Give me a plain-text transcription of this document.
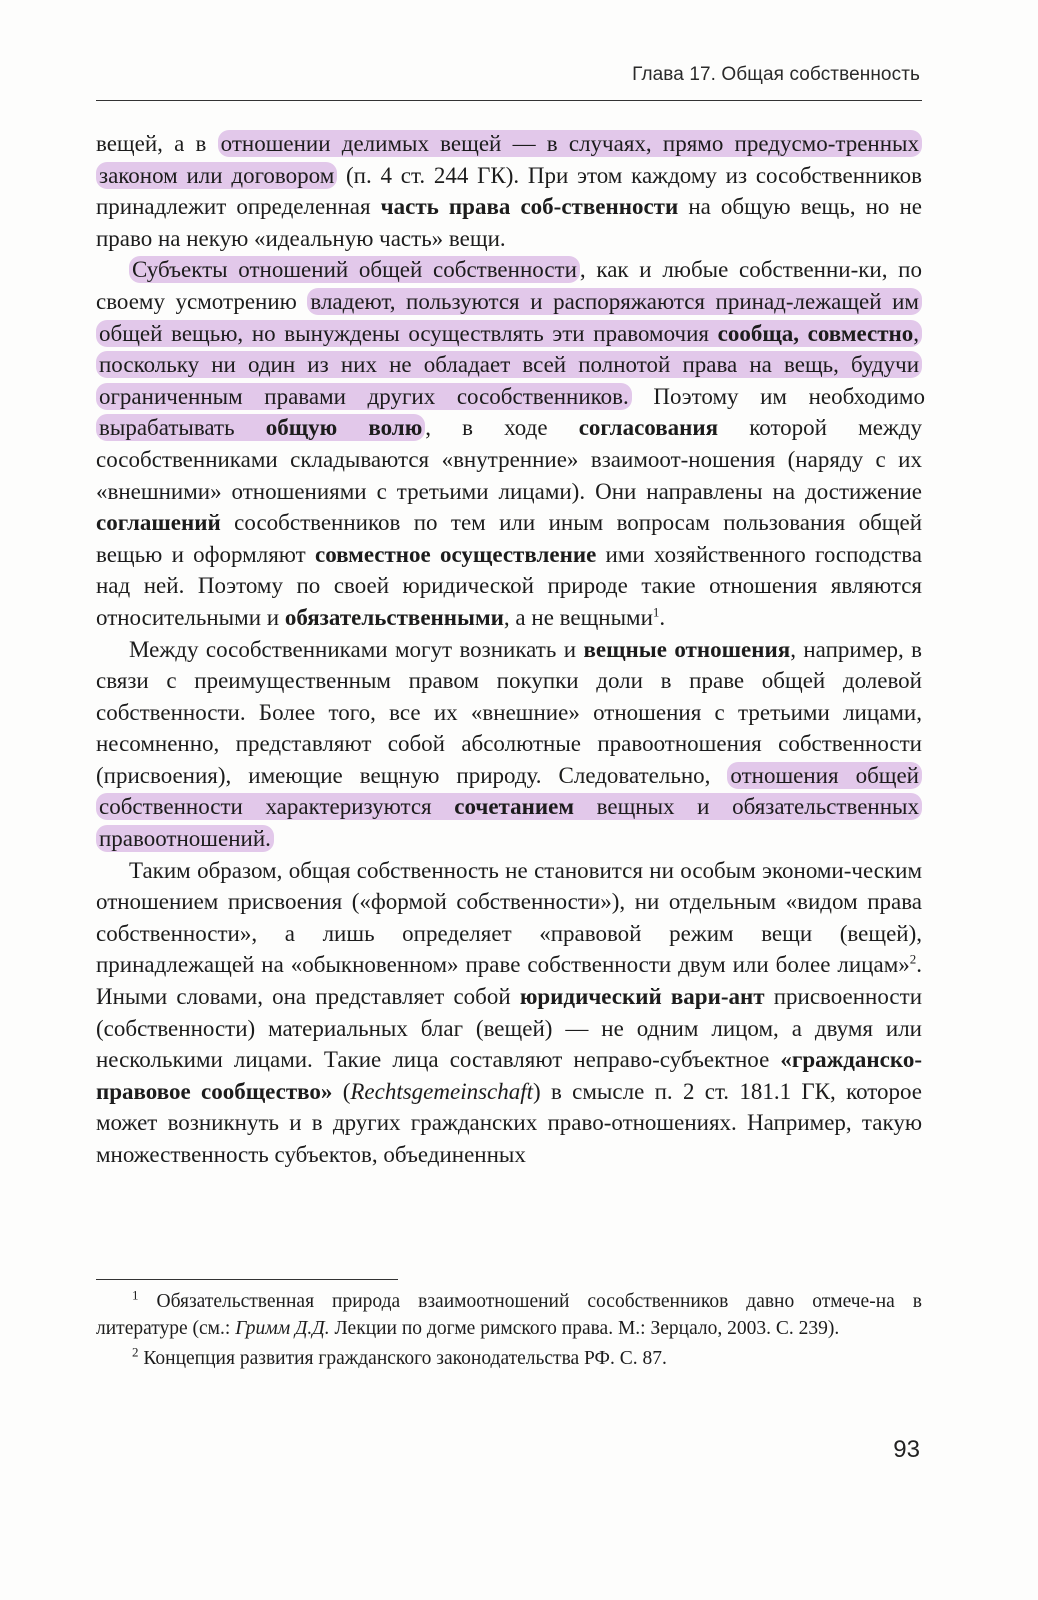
Глава 17. Общая собственность

вещей, а в отношении делимых вещей — в случаях, прямо предусмо-тренных законом или договором (п. 4 ст. 244 ГК). При этом каждому из сособственников принадлежит определенная часть права соб-ственности на общую вещь, но не право на некую «идеальную часть» вещи.

Субъекты отношений общей собственности , как и любые собственни-ки, по своему усмотрению владеют, пользуются и распоряжаются принад-лежащей им общей вещью, но вынуждены осуществлять эти правомочия сообща, совместно, поскольку ни один из них не обладает всей полнотой права на вещь, будучи ограниченным правами других сособственников. Поэтому им необходимо вырабатывать общую волю , в ходе согласования которой между сособственниками складываются «внутренние» взаимоот-ношения (наряду с их «внешними» отношениями с третьими лицами). Они направлены на достижение соглашений сособственников по тем или иным вопросам пользования общей вещью и оформляют совместное осуществление ими хозяйственного господства над ней. Поэтому по своей юридической природе такие отношения являются относительными и обязательственными, а не вещными$^1$.

Между сособственниками могут возникать и вещные отношения, например, в связи с преимущественным правом покупки доли в праве общей долевой собственности. Более того, все их «внешние» отношения с третьими лицами, несомненно, представляют собой абсолютные правоотношения собственности (присвоения), имеющие вещную природу. Следовательно, отношения общей собственности характеризуются сочетанием вещных и обязательственных правоотношений.

Таким образом, общая собственность не становится ни особым экономи-ческим отношением присвоения («формой собственности»), ни отдельным «видом права собственности», а лишь определяет «правовой режим вещи (вещей), принадлежащей на «обыкновенном» праве собственности двум или более лицам»$^2$. Иными словами, она представляет собой юридический вари-ант присвоенности (собственности) материальных благ (вещей) — не одним лицом, а двумя или несколькими лицами. Такие лица составляют неправо-субъектное «гражданско-правовое сообщество» (Rechtsgemeinschaft) в смысле п. 2 ст. 181.1 ГК, которое может возникнуть и в других гражданских право-отношениях. Например, такую множественность субъектов, объединенных

$^1$ Обязательственная природа взаимоотношений сособственников давно отмече-на в литературе (см.: Гримм Д.Д. Лекции по догме римского права. М.: Зерцало, 2003. С. 239).

$^2$ Концепция развития гражданского законодательства РФ. С. 87.

93
